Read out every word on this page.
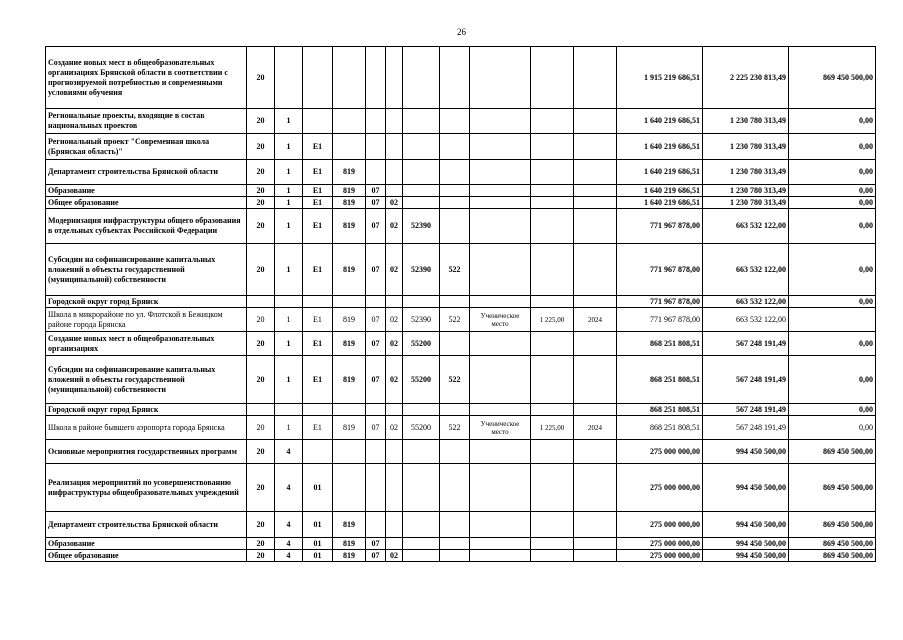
26
Создание новых мест в общеобразовательных организациях Брянской области в соответствии с прогнозируемой потребностью и современными условиями обучения	20											1 915 219 686,51	2 225 230 813,49	869 450 500,00
Региональные проекты, входящие в состав национальных проектов	20	1										1 640 219 686,51	1 230 780 313,49	0,00
Региональный проект "Современная школа (Брянская область)"	20	1	Е1									1 640 219 686,51	1 230 780 313,49	0,00
Департамент строительства Брянской области	20	1	Е1	819								1 640 219 686,51	1 230 780 313,49	0,00
Образование	20	1	Е1	819	07							1 640 219 686,51	1 230 780 313,49	0,00
Общее образование	20	1	Е1	819	07	02						1 640 219 686,51	1 230 780 313,49	0,00
Модернизация инфраструктуры общего образования в отдельных субъектах Российской Федерации	20	1	Е1	819	07	02	52390					771 967 878,00	663 532 122,00	0,00
Субсидии на софинансирование капитальных вложений в объекты государственной (муниципальной) собственности	20	1	Е1	819	07	02	52390	522				771 967 878,00	663 532 122,00	0,00
Городской округ город Брянск												771 967 878,00	663 532 122,00	0,00
Школа в микрорайоне по ул. Флотской в Бежицком районе города Брянска	20	1	Е1	819	07	02	52390	522	Ученическое место	1 225,00	2024	771 967 878,00	663 532 122,00	
Создание новых мест в общеобразовательных организациях	20	1	Е1	819	07	02	55200					868 251 808,51	567 248 191,49	0,00
Субсидии на софинансирование капитальных вложений в объекты государственной (муниципальной) собственности	20	1	Е1	819	07	02	55200	522				868 251 808,51	567 248 191,49	0,00
Городской округ город Брянск												868 251 808,51	567 248 191,49	0,00
Школа в районе бывшего аэропорта города Брянска	20	1	Е1	819	07	02	55200	522	Ученическое место	1 225,00	2024	868 251 808,51	567 248 191,49	0,00
Основные мероприятия государственных программ	20	4										275 000 000,00	994 450 500,00	869 450 500,00
Реализация мероприятий по усовершенствованию инфраструктуры общеобразовательных учреждений	20	4	01									275 000 000,00	994 450 500,00	869 450 500,00
Департамент строительства Брянской области	20	4	01	819								275 000 000,00	994 450 500,00	869 450 500,00
Образование	20	4	01	819	07							275 000 000,00	994 450 500,00	869 450 500,00
Общее образование	20	4	01	819	07	02						275 000 000,00	994 450 500,00	869 450 500,00
